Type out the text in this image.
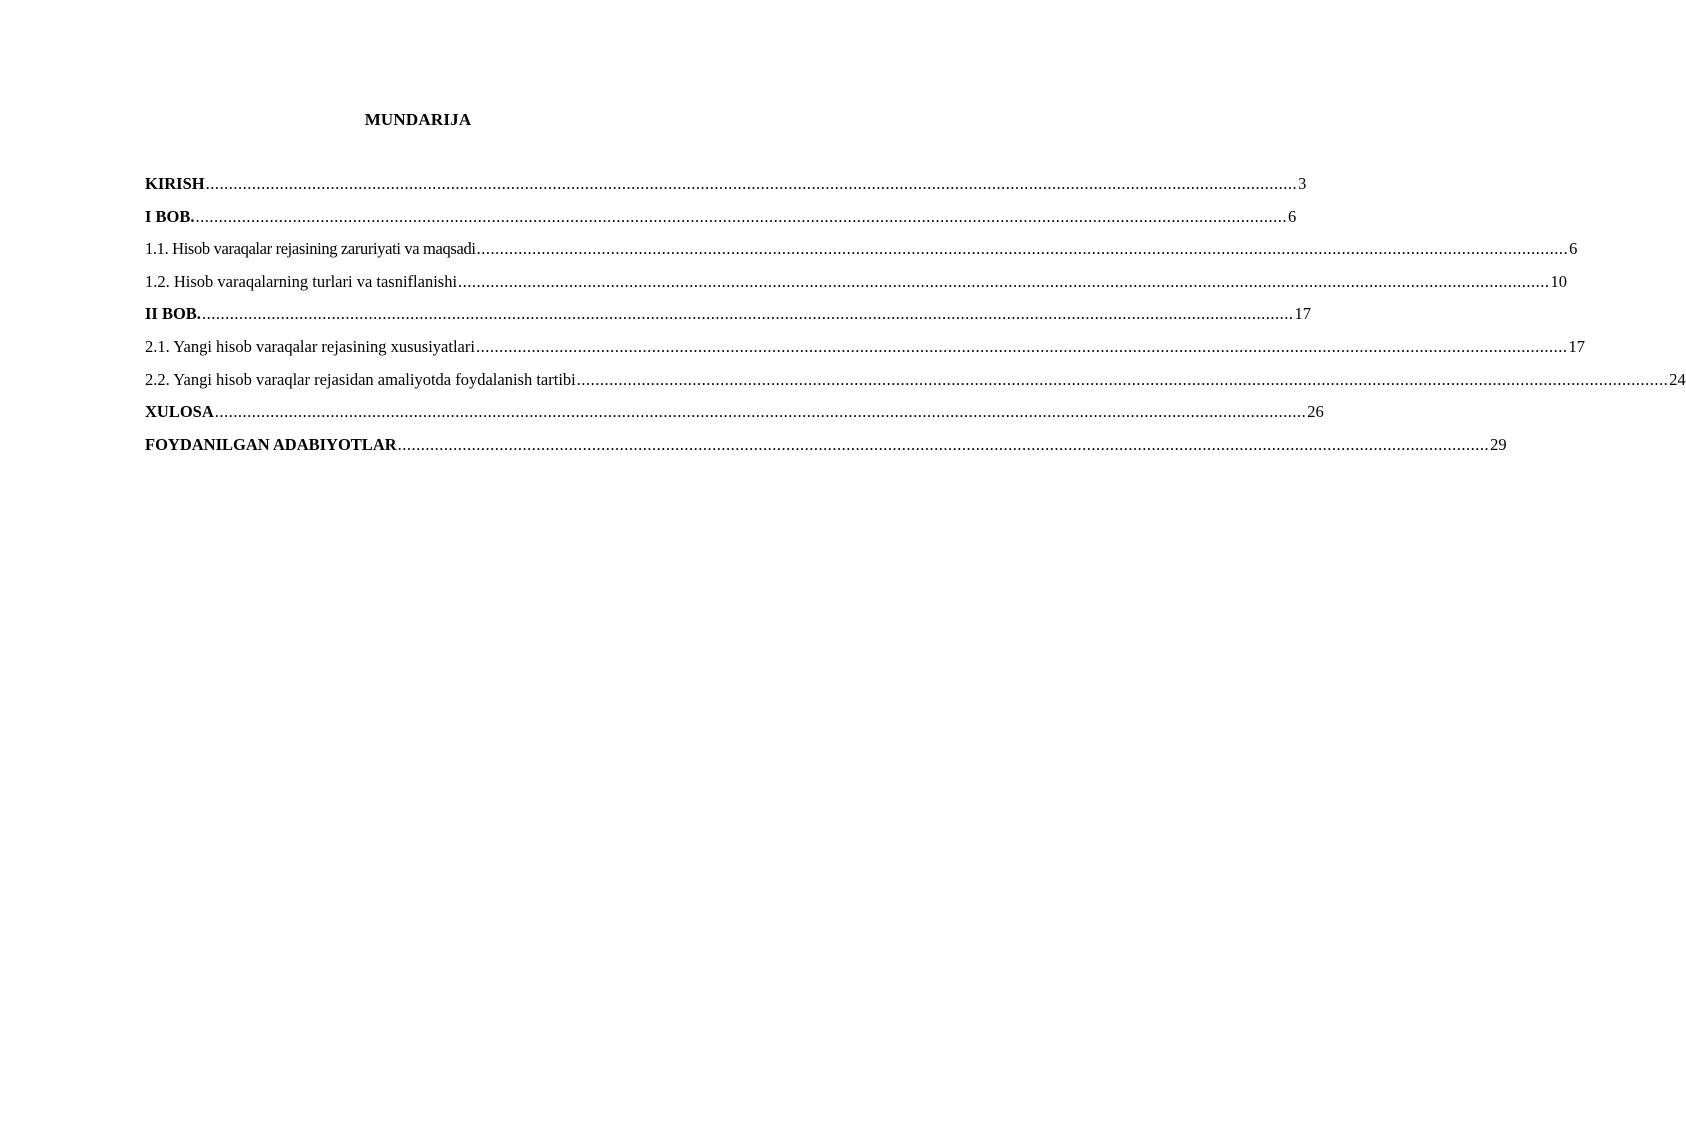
MUNDARIJA
KIRISH .....	3
I BOB. .....	6
1.1. Hisob varaqalar rejasining zaruriyati va maqsadi .....	6
1.2. Hisob varaqalarning turlari va tasniflanishi .....	10
II BOB. .....	17
2.1. Yangi hisob varaqalar rejasining xususiyatlari .....	17
2.2. Yangi hisob varaqlar rejasidan amaliyotda foydalanish tartibi .....	24
XULOSA .....	26
FOYDANILGAN ADABIYOTLAR .....	29
